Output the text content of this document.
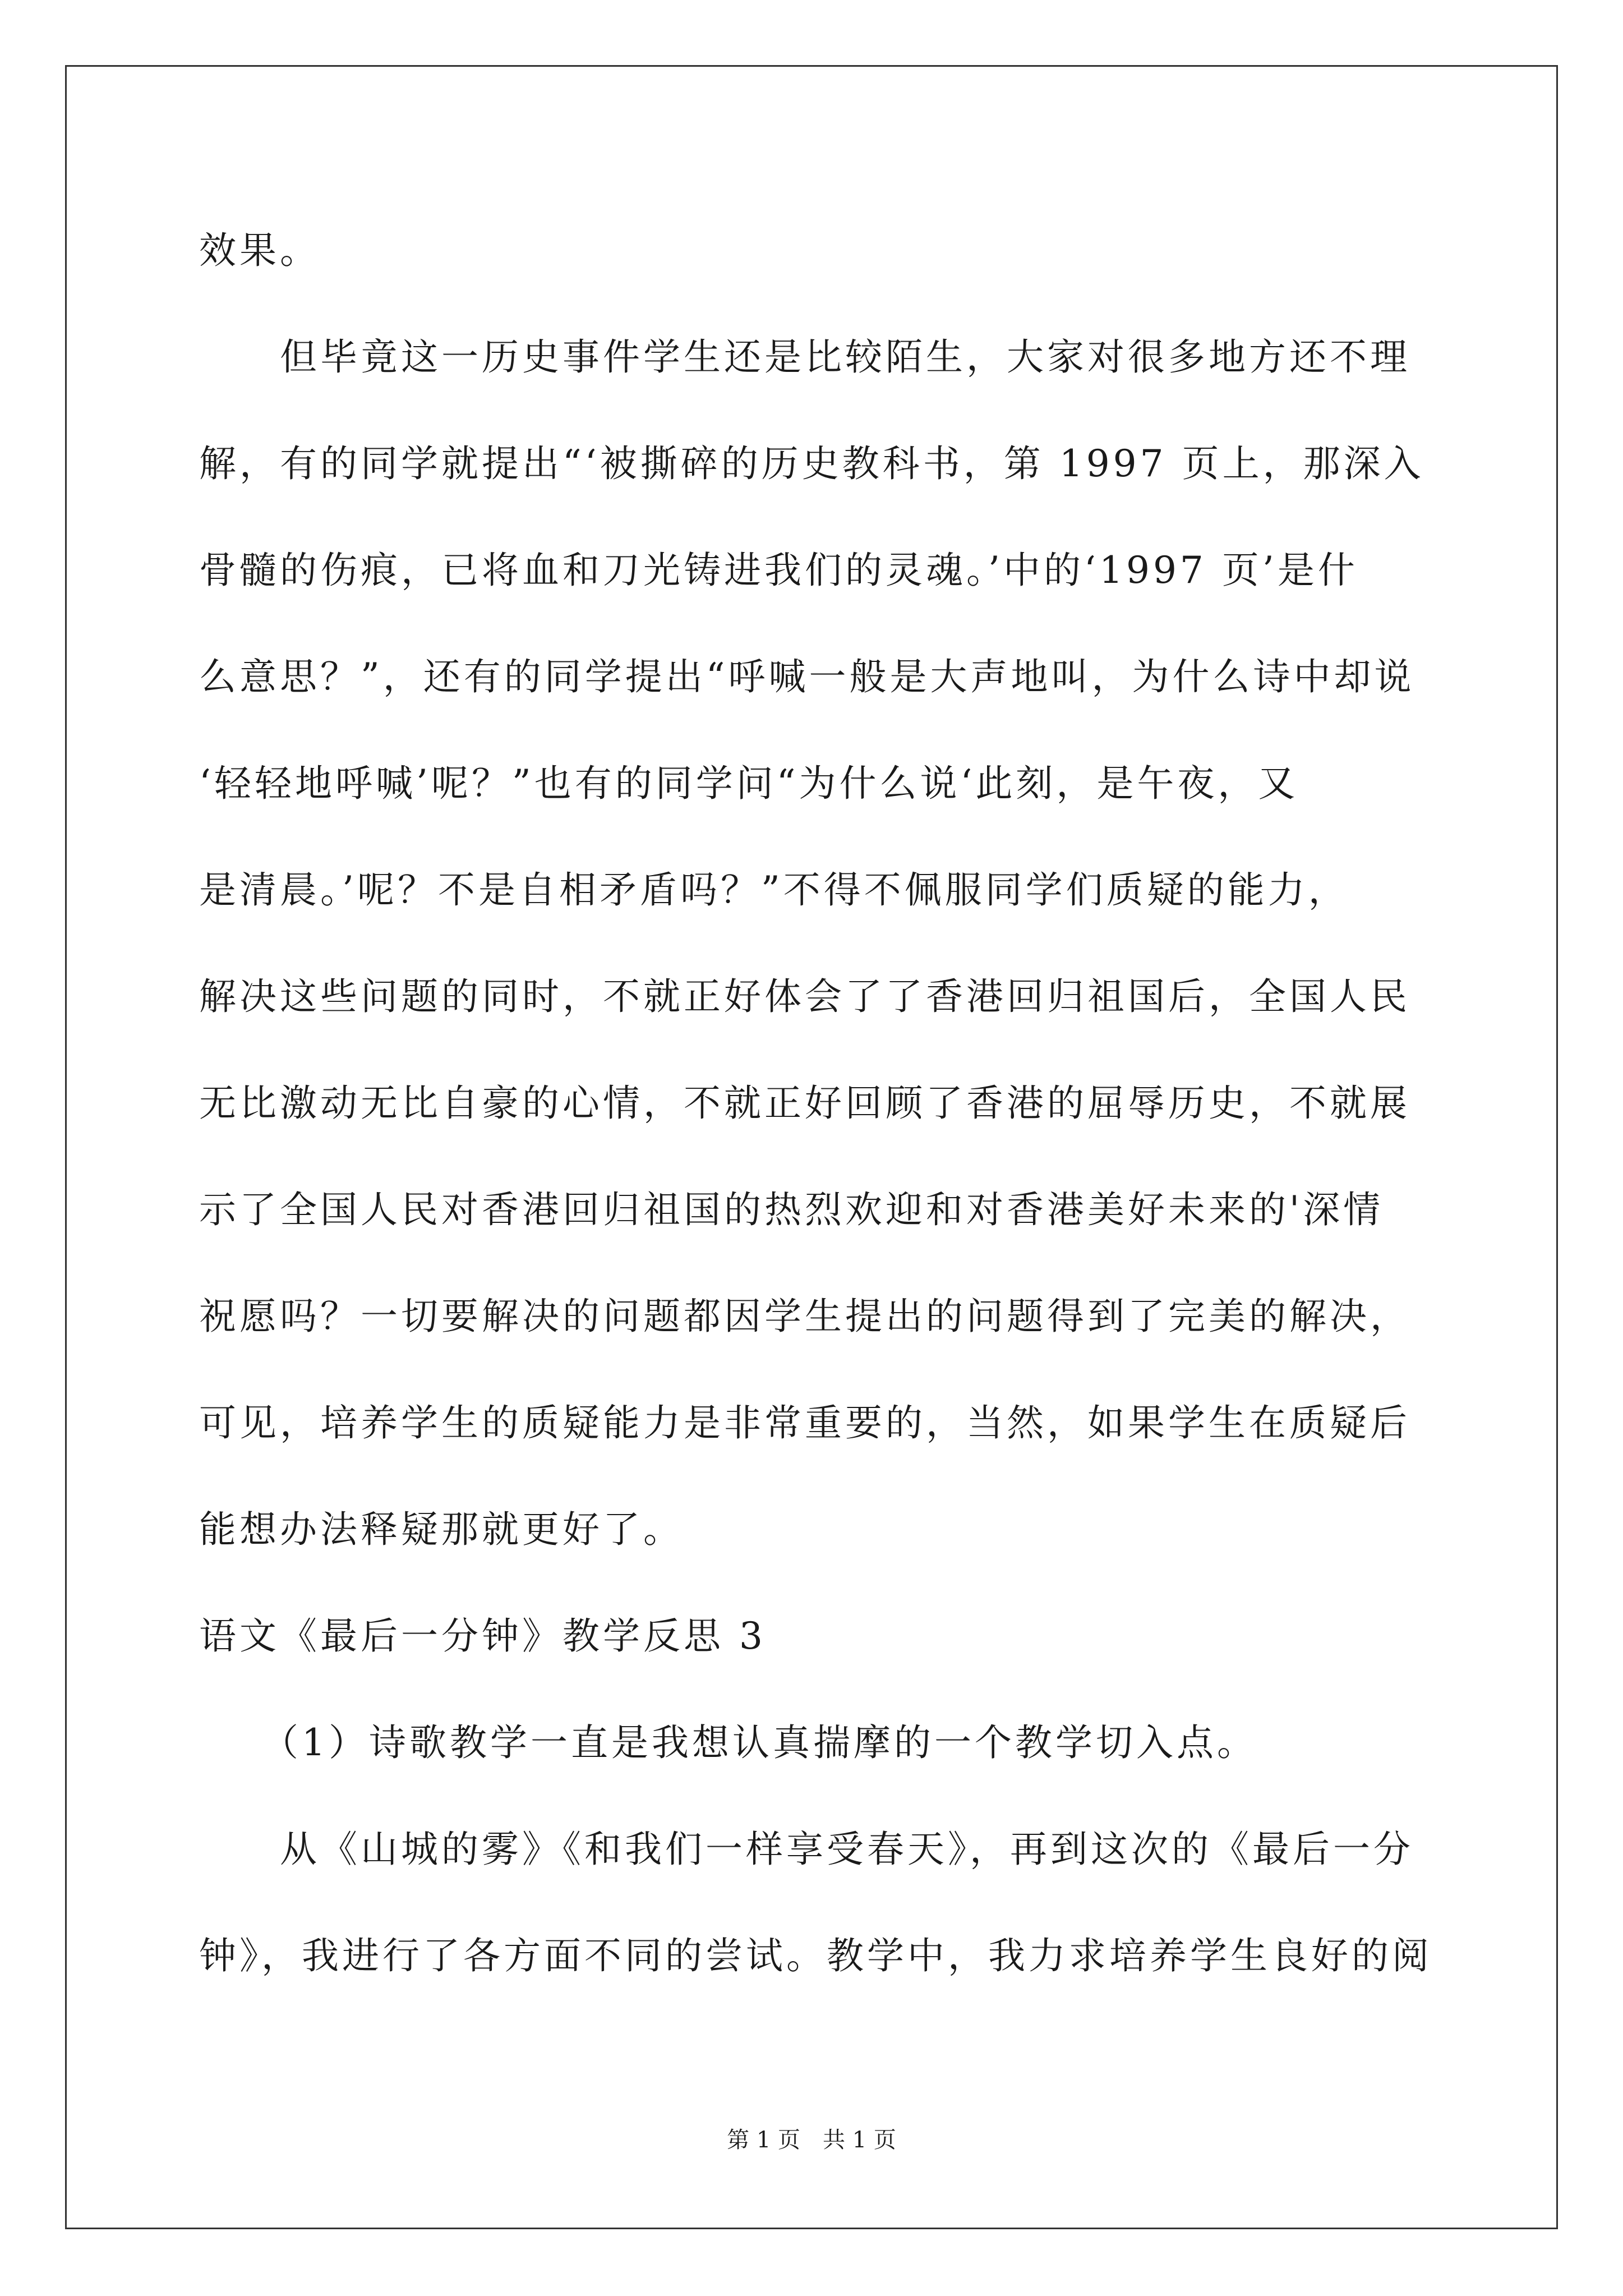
效果。
　　但毕竟这一历史事件学生还是比较陌生，大家对很多地方还不理
解，有的同学就提出“‘被撕碎的历史教科书，第 1997 页上，那深入
骨髓的伤痕，已将血和刀光铸进我们的灵魂。’中的‘1997 页’是什
么意思？”，还有的同学提出“呼喊一般是大声地叫，为什么诗中却说
‘轻轻地呼喊’呢？”也有的同学问“为什么说‘此刻，是午夜，又
是清晨。’呢？不是自相矛盾吗？”不得不佩服同学们质疑的能力，
解决这些问题的同时，不就正好体会了了香港回归祖国后，全国人民
无比激动无比自豪的心情，不就正好回顾了香港的屈辱历史，不就展
示了全国人民对香港回归祖国的热烈欢迎和对香港美好未来的'深情
祝愿吗？一切要解决的问题都因学生提出的问题得到了完美的解决，
可见，培养学生的质疑能力是非常重要的，当然，如果学生在质疑后
能想办法释疑那就更好了。
语文《最后一分钟》教学反思 3
　　（1）诗歌教学一直是我想认真揣摩的一个教学切入点。
　　从《山城的雾》《和我们一样享受春天》，再到这次的《最后一分
钟》，我进行了各方面不同的尝试。教学中，我力求培养学生良好的阅
第 1 页　共 1 页
